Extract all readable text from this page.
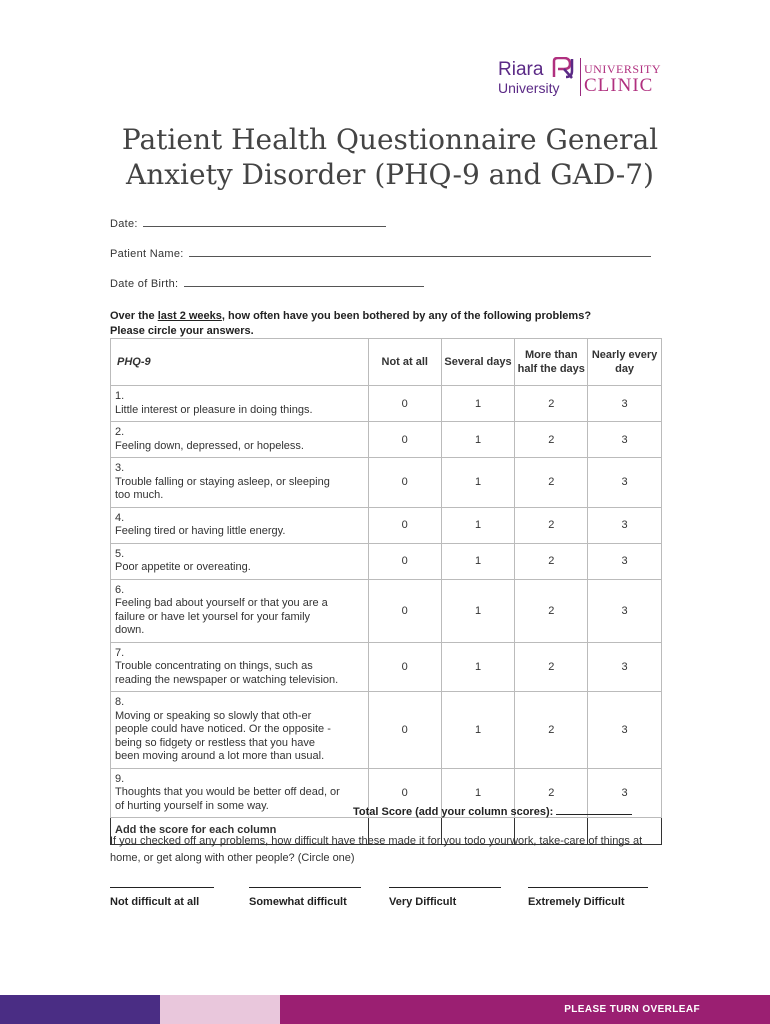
Riara
University
UNIVERSITY
CLINIC
Patient Health Questionnaire General Anxiety Disorder (PHQ-9 and GAD-7)
Date:
Patient Name:
Date of Birth:
Over the last 2 weeks, how often have you been bothered by any of the following problems?
Please circle your answers.
PHQ-9	Not at all	Several days	More than half the days	Nearly every day
1.Little interest or pleasure in doing things.	0	1	2	3
2.Feeling down, depressed, or hopeless.	0	1	2	3
3.Trouble falling or staying asleep, or sleeping too much.	0	1	2	3
4.Feeling tired or having little energy.	0	1	2	3
5.Poor appetite or overeating.	0	1	2	3
6.Feeling bad about yourself or that you are a failure or have let yoursel for your family down.	0	1	2	3
7.Trouble concentrating on things, such as reading the newspaper or watching television.	0	1	2	3
8.Moving or speaking so slowly that oth-er people could have noticed. Or the opposite - being so fidgety or restless that you have been moving around a lot more than usual.	0	1	2	3
9.Thoughts that you would be better off dead, or of hurting yourself in some way.	0	1	2	3
Add the score for each column				
Total Score (add your column scores):

If you checked off any problems, how difficult have these made it for you todo yourwork, take-care of things at home, or get along with other people? (Circle one)

Not difficult at all	Somewhat difficult	Very Difficult	Extremely Difficult
PLEASE TURN OVERLEAF
